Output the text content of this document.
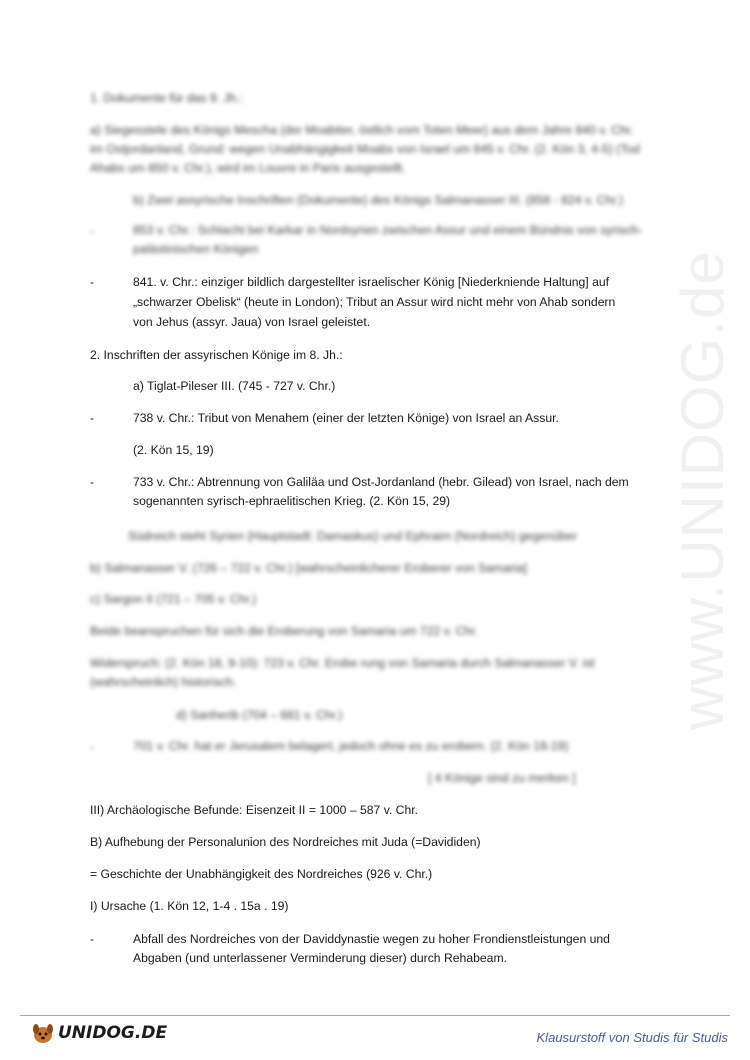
www.UNIDOG.de
1. Dokumente für das 9. Jh.:
a) Siegesstele des Königs Mescha (der Moabiter, östlich vom Toten Meer) aus dem Jahre 840 v. Chr.
im Ostjordanland, Grund: wegen Unabhängigkeit Moabs von Israel um 845 v. Chr. (2. Kön 3, 4-5) (Tod
Ahabs um 850 v. Chr.), wird im Louvre in Paris ausgestellt.
b) Zwei assyrische Inschriften (Dokumente) des Königs Salmanasser III. (858 - 824 v. Chr.)
-	853 v. Chr.: Schlacht bei Karkar in Nordsyrien zwischen Assur und einem Bündnis von syrisch-
palästinischen Königen
-	841. v. Chr.: einziger bildlich dargestellter israelischer König [Niederkniende Haltung] auf
„schwarzer Obelisk“ (heute in London); Tribut an Assur wird nicht mehr von Ahab sondern
von Jehus (assyr. Jaua) von Israel geleistet.
2. Inschriften der assyrischen Könige im 8. Jh.:
a) Tiglat-Pileser III. (745 - 727 v. Chr.)
-	738 v. Chr.: Tribut von Menahem (einer der letzten Könige) von Israel an Assur.
(2. Kön 15, 19)
-	733 v. Chr.: Abtrennung von Galiläa und Ost-Jordanland (hebr. Gilead) von Israel, nach dem
sogenannten syrisch-ephraelitischen Krieg. (2. Kön 15, 29)
Südreich steht Syrien (Hauptstadt: Damaskus) und Ephraim (Nordreich) gegenüber
b) Salmanasser V. (726 – 722 v. Chr.) [wahrscheinlicherer Eroberer von Samaria]
c) Sargon II (721 – 705 v. Chr.)
Beide beanspruchen für sich die Eroberung von Samaria um 722 v. Chr.
Widerspruch: (2. Kön 18, 9-10): 723 v. Chr. Erobe rung von Samaria durch Salmanasser V. ist
(wahrscheinlich) historisch.
d) Sanherib (704 – 681 v. Chr.)
-	701 v. Chr. hat er Jerusalem belagert, jedoch ohne es zu erobern. (2. Kön 18-19)
[ 4 Könige sind zu merken ]
III) Archäologische Befunde: Eisenzeit II = 1000 – 587 v. Chr.
B) Aufhebung der Personalunion des Nordreiches mit Juda (=Davididen)
= Geschichte der Unabhängigkeit des Nordreiches (926 v. Chr.)
I) Ursache (1. Kön 12, 1-4 . 15a . 19)
-	Abfall des Nordreiches von der Daviddynastie wegen zu hoher Frondienstleistungen und
Abgaben (und unterlassener Verminderung dieser) durch Rehabeam.
UNIDOG.DE	Klausurstoff von Studis für Studis
